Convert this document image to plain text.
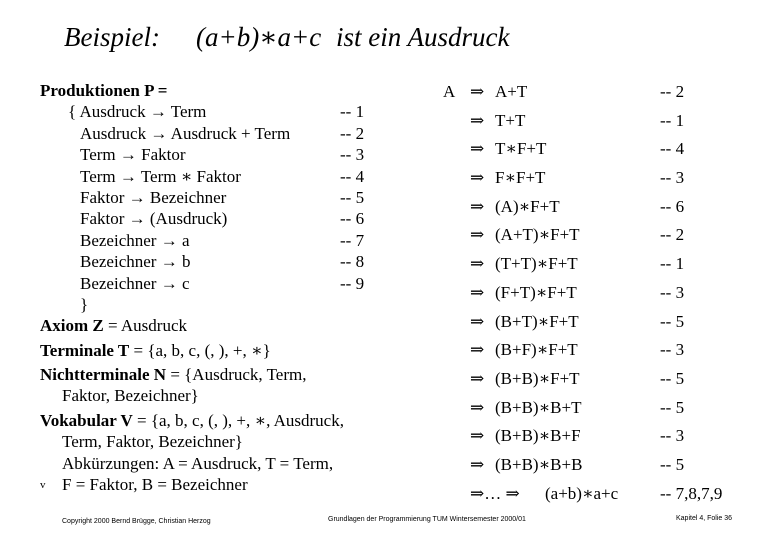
Beispiel: (a+b)∗a+c ist ein Ausdruck
Produktionen P =
{ Ausdruck → Term	-- 1
Ausdruck → Ausdruck + Term	-- 2
Term → Faktor	-- 3
Term → Term ∗ Faktor	-- 4
Faktor → Bezeichner	-- 5
Faktor → (Ausdruck)	-- 6
Bezeichner → a	-- 7
Bezeichner → b	-- 8
Bezeichner → c	-- 9
}
Axiom Z = Ausdruck
Terminale T = {a, b, c, (, ), +, ∗}
Nichtterminale N = {Ausdruck, Term,
Faktor, Bezeichner}
Vokabular V = {a, b, c, (, ), +, ∗, Ausdruck,
Term, Faktor, Bezeichner}
Abkürzungen: A = Ausdruck, T = Term,
F = Faktor, B = Bezeichner
v
A ⇒ A+T	-- 2
⇒ T+T	-- 1
⇒ T∗F+T	-- 4
⇒ F∗F+T	-- 3
⇒ (A)∗F+T	-- 6
⇒ (A+T)∗F+T	-- 2
⇒ (T+T)∗F+T	-- 1
⇒ (F+T)∗F+T	-- 3
⇒ (B+T)∗F+T	-- 5
⇒ (B+F)∗F+T	-- 3
⇒ (B+B)∗F+T	-- 5
⇒ (B+B)∗B+T	-- 5
⇒ (B+B)∗B+F	-- 3
⇒ (B+B)∗B+B	-- 5
⇒… ⇒ (a+b)∗a+c -- 7,8,7,9
Copyright 2000 Bernd Brügge, Christian Herzog	Grundlagen der Programmierung TUM Wintersemester 2000/01	Kapitel 4, Folie 36
